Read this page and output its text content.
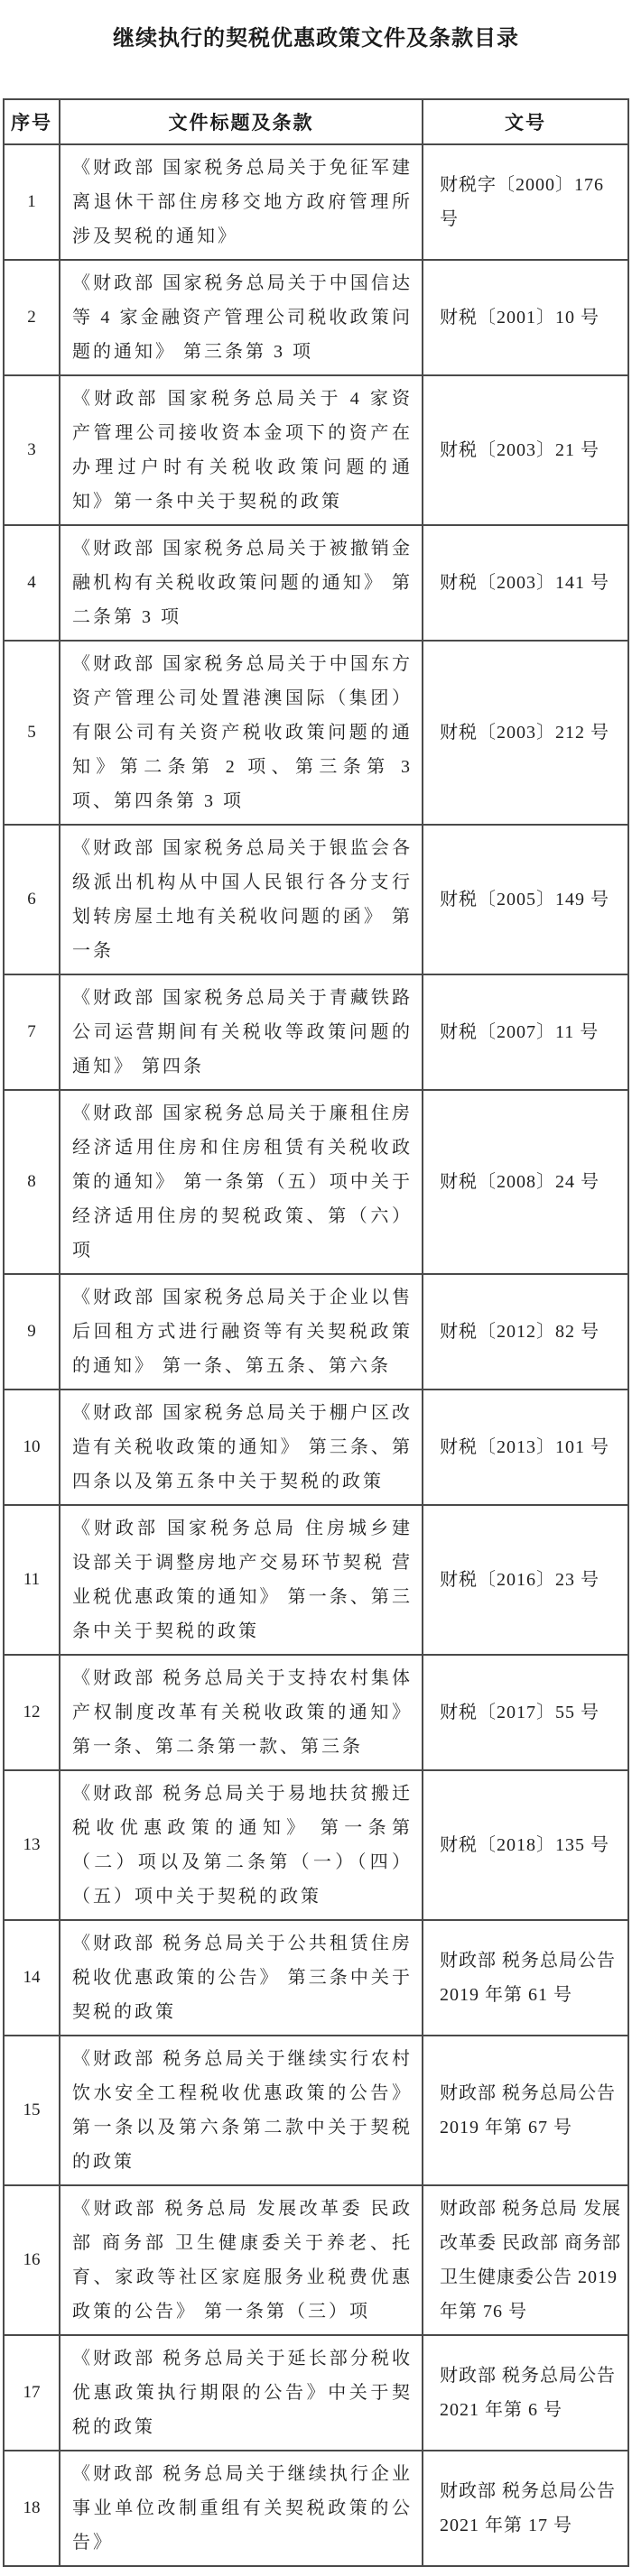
继续执行的契税优惠政策文件及条款目录
序号	文件标题及条款	文号
1	《财政部 国家税务总局关于免征军建离退休干部住房移交地方政府管理所涉及契税的通知》	财税字〔2000〕176 号
2	《财政部 国家税务总局关于中国信达等 4 家金融资产管理公司税收政策问题的通知》 第三条第 3 项	财税〔2001〕10 号
3	《财政部 国家税务总局关于 4 家资产管理公司接收资本金项下的资产在办理过户时有关税收政策问题的通知》第一条中关于契税的政策	财税〔2003〕21 号
4	《财政部 国家税务总局关于被撤销金融机构有关税收政策问题的通知》 第二条第 3 项	财税〔2003〕141 号
5	《财政部 国家税务总局关于中国东方资产管理公司处置港澳国际（集团）有限公司有关资产税收政策问题的通知》第二条第 2 项、第三条第 3 项、第四条第 3 项	财税〔2003〕212 号
6	《财政部 国家税务总局关于银监会各级派出机构从中国人民银行各分支行划转房屋土地有关税收问题的函》 第一条	财税〔2005〕149 号
7	《财政部 国家税务总局关于青藏铁路公司运营期间有关税收等政策问题的通知》 第四条	财税〔2007〕11 号
8	《财政部 国家税务总局关于廉租住房经济适用住房和住房租赁有关税收政策的通知》 第一条第（五）项中关于经济适用住房的契税政策、第（六）项	财税〔2008〕24 号
9	《财政部 国家税务总局关于企业以售后回租方式进行融资等有关契税政策的通知》 第一条、第五条、第六条	财税〔2012〕82 号
10	《财政部 国家税务总局关于棚户区改造有关税收政策的通知》 第三条、第四条以及第五条中关于契税的政策	财税〔2013〕101 号
11	《财政部 国家税务总局 住房城乡建设部关于调整房地产交易环节契税 营业税优惠政策的通知》 第一条、第三条中关于契税的政策	财税〔2016〕23 号
12	《财政部 税务总局关于支持农村集体产权制度改革有关税收政策的通知》第一条、第二条第一款、第三条	财税〔2017〕55 号
13	《财政部 税务总局关于易地扶贫搬迁税收优惠政策的通知》 第一条第（二）项以及第二条第（一）（四）（五）项中关于契税的政策	财税〔2018〕135 号
14	《财政部 税务总局关于公共租赁住房税收优惠政策的公告》 第三条中关于契税的政策	财政部 税务总局公告 2019 年第 61 号
15	《财政部 税务总局关于继续实行农村饮水安全工程税收优惠政策的公告》第一条以及第六条第二款中关于契税的政策	财政部 税务总局公告 2019 年第 67 号
16	《财政部 税务总局 发展改革委 民政部 商务部 卫生健康委关于养老、托育、家政等社区家庭服务业税费优惠政策的公告》 第一条第（三）项	财政部 税务总局 发展改革委 民政部 商务部 卫生健康委公告 2019 年第 76 号
17	《财政部 税务总局关于延长部分税收优惠政策执行期限的公告》中关于契税的政策	财政部 税务总局公告 2021 年第 6 号
18	《财政部 税务总局关于继续执行企业事业单位改制重组有关契税政策的公告》	财政部 税务总局公告 2021 年第 17 号
